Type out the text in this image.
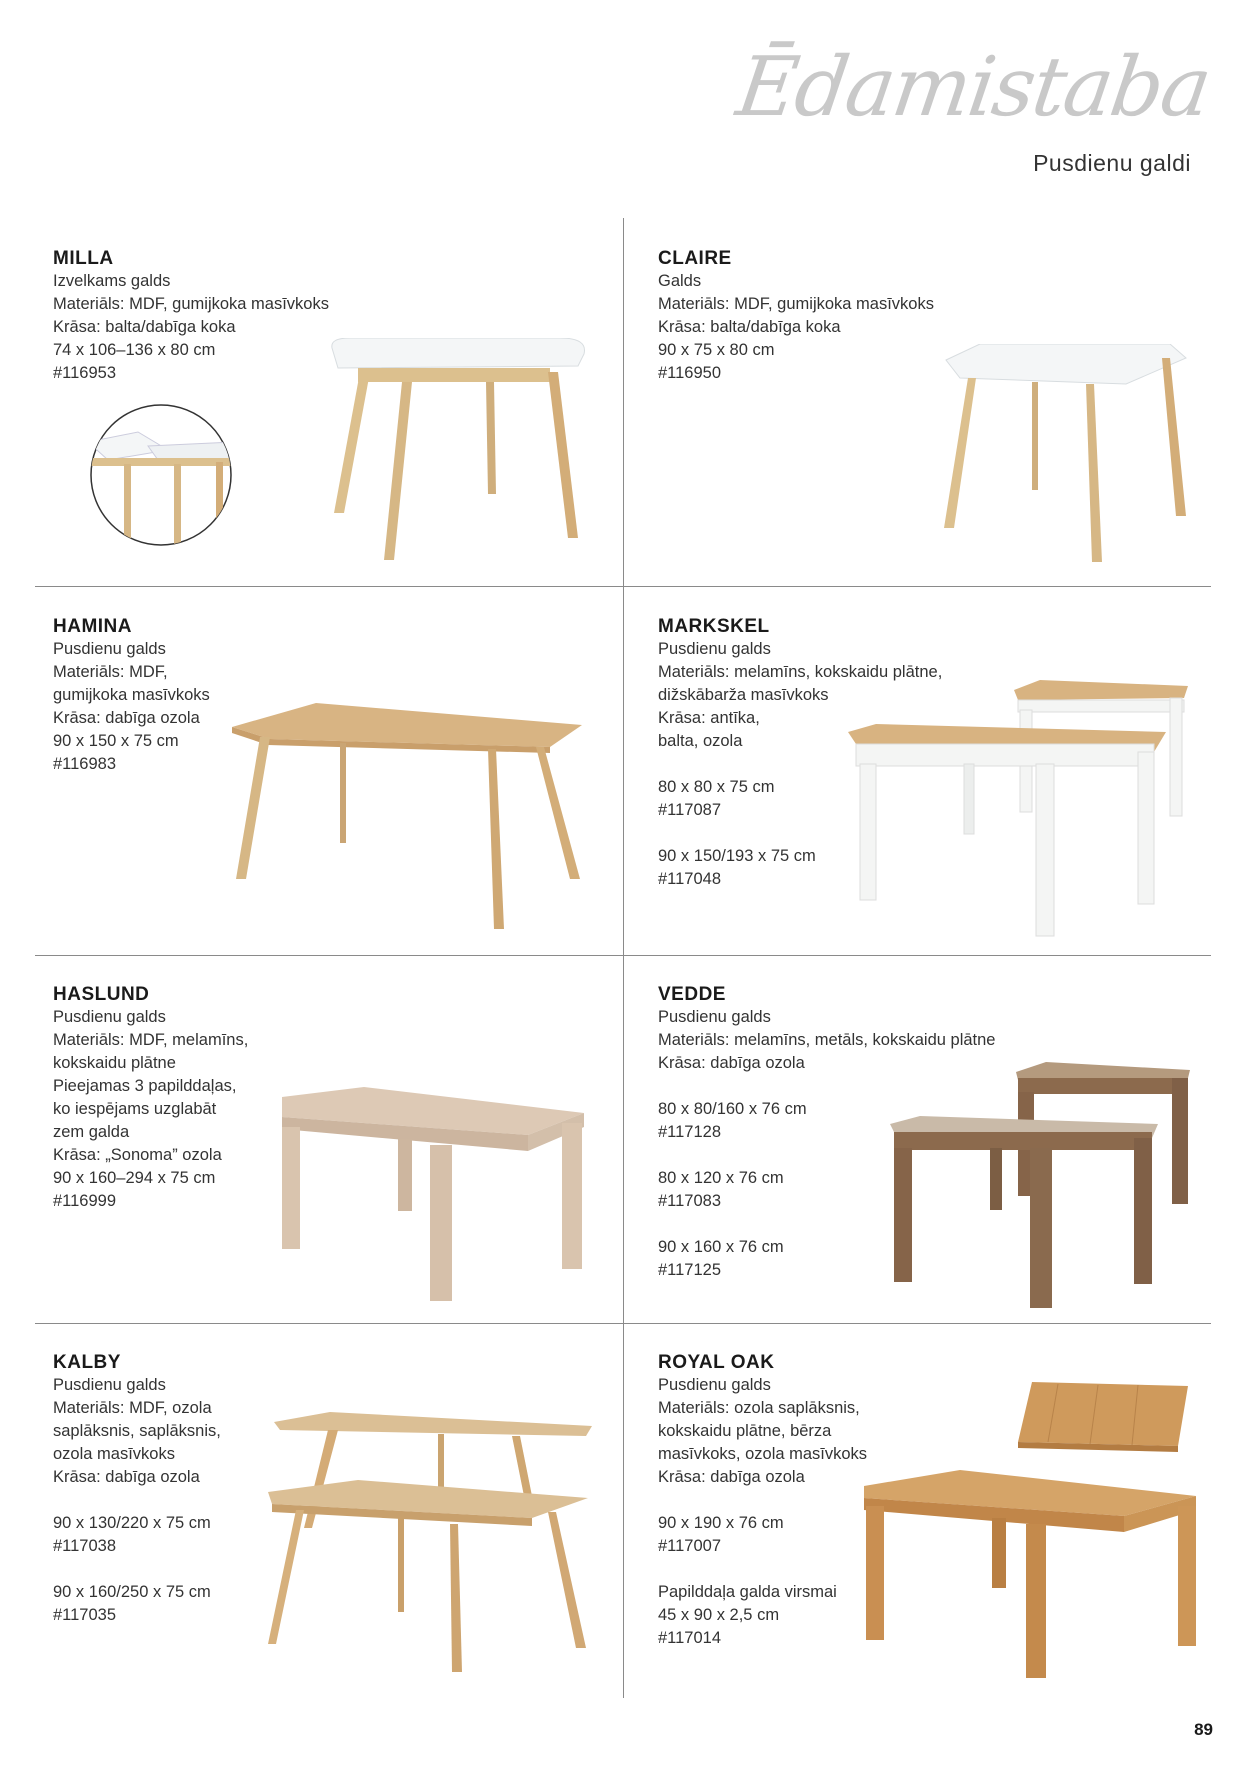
Ēdamistaba
Pusdienu galdi
MILLA
Izvelkams galds
Materiāls: MDF, gumijkoka masīvkoks
Krāsa: balta/dabīga koka
74 x 106–136 x 80 cm
#116953
CLAIRE
Galds
Materiāls: MDF, gumijkoka masīvkoks
Krāsa: balta/dabīga koka
90 x 75 x 80 cm
#116950
HAMINA
Pusdienu galds
Materiāls: MDF,
gumijkoka masīvkoks
Krāsa: dabīga ozola
90 x 150 x 75 cm
#116983
MARKSKEL
Pusdienu galds
Materiāls: melamīns, kokskaidu plātne,
dižskābarža masīvkoks
Krāsa: antīka,
balta, ozola
80 x 80 x 75 cm
#117087
90 x 150/193 x 75 cm
#117048
HASLUND
Pusdienu galds
Materiāls: MDF, melamīns,
kokskaidu plātne
Pieejamas 3 papilddaļas,
ko iespējams uzglabāt
zem galda
Krāsa: „Sonoma” ozola
90 x 160–294 x 75 cm
#116999
VEDDE
Pusdienu galds
Materiāls: melamīns, metāls, kokskaidu plātne
Krāsa: dabīga ozola
80 x 80/160 x 76 cm
#117128
80 x 120 x 76 cm
#117083
90 x 160 x 76 cm
#117125
KALBY
Pusdienu galds
Materiāls: MDF, ozola
saplāksnis, saplāksnis,
ozola masīvkoks
Krāsa: dabīga ozola
90 x 130/220 x 75 cm
#117038
90 x 160/250 x 75 cm
#117035
ROYAL OAK
Pusdienu galds
Materiāls: ozola saplāksnis,
kokskaidu plātne, bērza
masīvkoks, ozola masīvkoks
Krāsa: dabīga ozola
90 x 190 x 76 cm
#117007
Papilddaļa galda virsmai
45 x 90 x 2,5 cm
#117014
89
